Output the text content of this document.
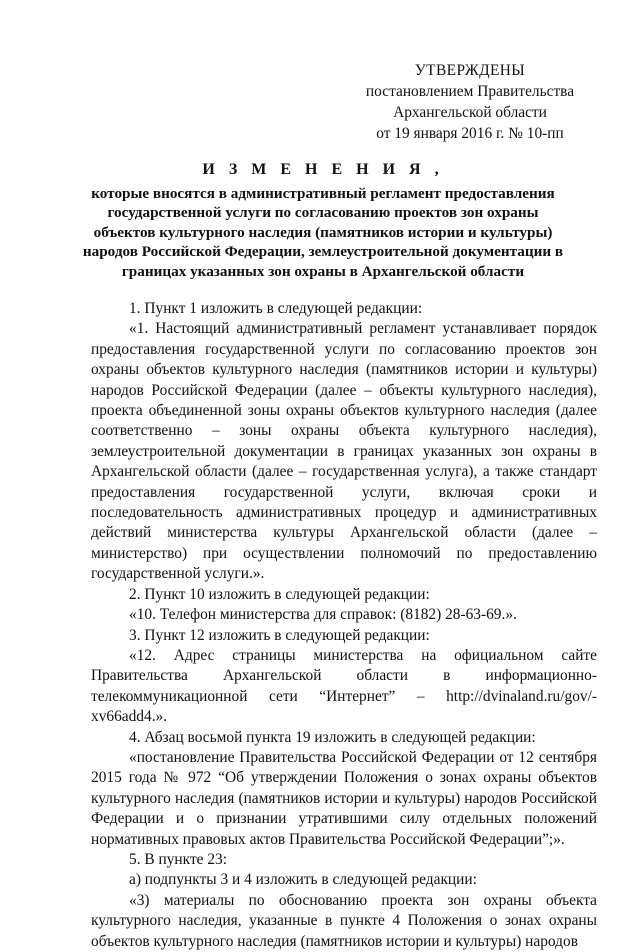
УТВЕРЖДЕНЫ
постановлением Правительства
Архангельской области
от 19 января 2016 г. № 10-пп
И З М Е Н Е Н И Я ,
которые вносятся в административный регламент предоставления государственной услуги по согласованию проектов зон охраны объектов культурного наследия (памятников истории и культуры) народов Российской Федерации, землеустроительной документации в границах указанных зон охраны в Архангельской области

1. Пункт 1 изложить в следующей редакции:

«1. Настоящий административный регламент устанавливает порядок предоставления государственной услуги по согласованию проектов зон охраны объектов культурного наследия (памятников истории и культуры) народов Российской Федерации (далее – объекты культурного наследия), проекта объединенной зоны охраны объектов культурного наследия (далее соответственно – зоны охраны объекта культурного наследия), землеустроительной документации в границах указанных зон охраны в Архангельской области (далее – государственная услуга), а также стандарт предоставления государственной услуги, включая сроки и последовательность административных процедур и административных действий министерства культуры Архангельской области (далее – министерство) при осуществлении полномочий по предоставлению государственной услуги.».

2. Пункт 10 изложить в следующей редакции:

«10. Телефон министерства для справок: (8182) 28-63-69.».

3. Пункт 12 изложить в следующей редакции:

«12. Адрес страницы министерства на официальном сайте Правительства Архангельской области в информационно-телекоммуникационной сети “Интернет” – http://dvinaland.ru/gov/-xv66add4.».

4. Абзац восьмой пункта 19 изложить в следующей редакции:

«постановление Правительства Российской Федерации от 12 сентября 2015 года № 972 “Об утверждении Положения о зонах охраны объектов культурного наследия (памятников истории и культуры) народов Российской Федерации и о признании утратившими силу отдельных положений нормативных правовых актов Правительства Российской Федерации”;».

5. В пункте 23:

а) подпункты 3 и 4 изложить в следующей редакции:

«3) материалы по обоснованию проекта зон охраны объекта культурного наследия, указанные в пункте 4 Положения о зонах охраны объектов культурного наследия (памятников истории и культуры) народов
